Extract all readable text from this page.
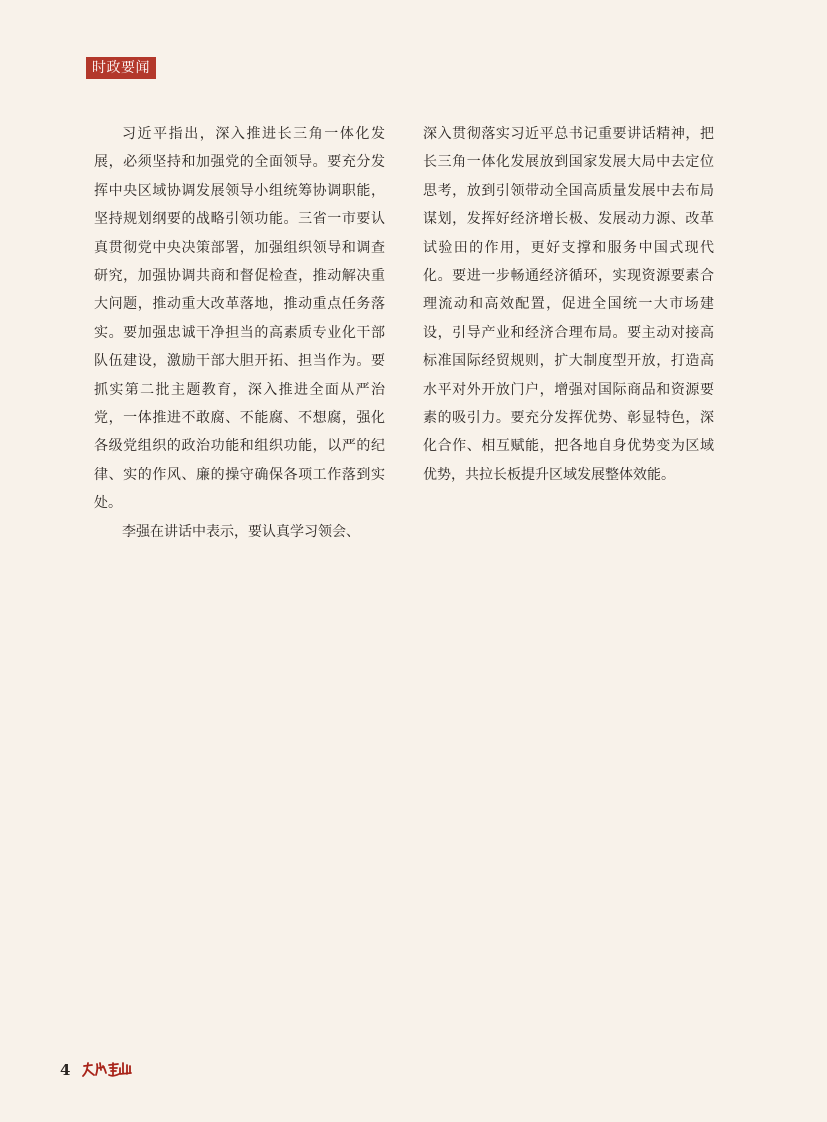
时政要闻

习近平指出，深入推进长三角一体化发展，必须坚持和加强党的全面领导。要充分发挥中央区域协调发展领导小组统筹协调职能，坚持规划纲要的战略引领功能。三省一市要认真贯彻党中央决策部署，加强组织领导和调查研究，加强协调共商和督促检查，推动解决重大问题，推动重大改革落地，推动重点任务落实。要加强忠诚干净担当的高素质专业化干部队伍建设，激励干部大胆开拓、担当作为。要抓实第二批主题教育，深入推进全面从严治党，一体推进不敢腐、不能腐、不想腐，强化各级党组织的政治功能和组织功能，以严的纪律、实的作风、廉的操守确保各项工作落到实处。

李强在讲话中表示，要认真学习领会、

深入贯彻落实习近平总书记重要讲话精神，把长三角一体化发展放到国家发展大局中去定位思考，放到引领带动全国高质量发展中去布局谋划，发挥好经济增长极、发展动力源、改革试验田的作用，更好支撑和服务中国式现代化。要进一步畅通经济循环，实现资源要素合理流动和高效配置，促进全国统一大市场建设，引导产业和经济合理布局。要主动对接高标准国际经贸规则，扩大制度型开放，打造高水平对外开放门户，增强对国际商品和资源要素的吸引力。要充分发挥优势、彰显特色，深化合作、相互赋能，把各地自身优势变为区域优势，共拉长板提升区域发展整体效能。

4
